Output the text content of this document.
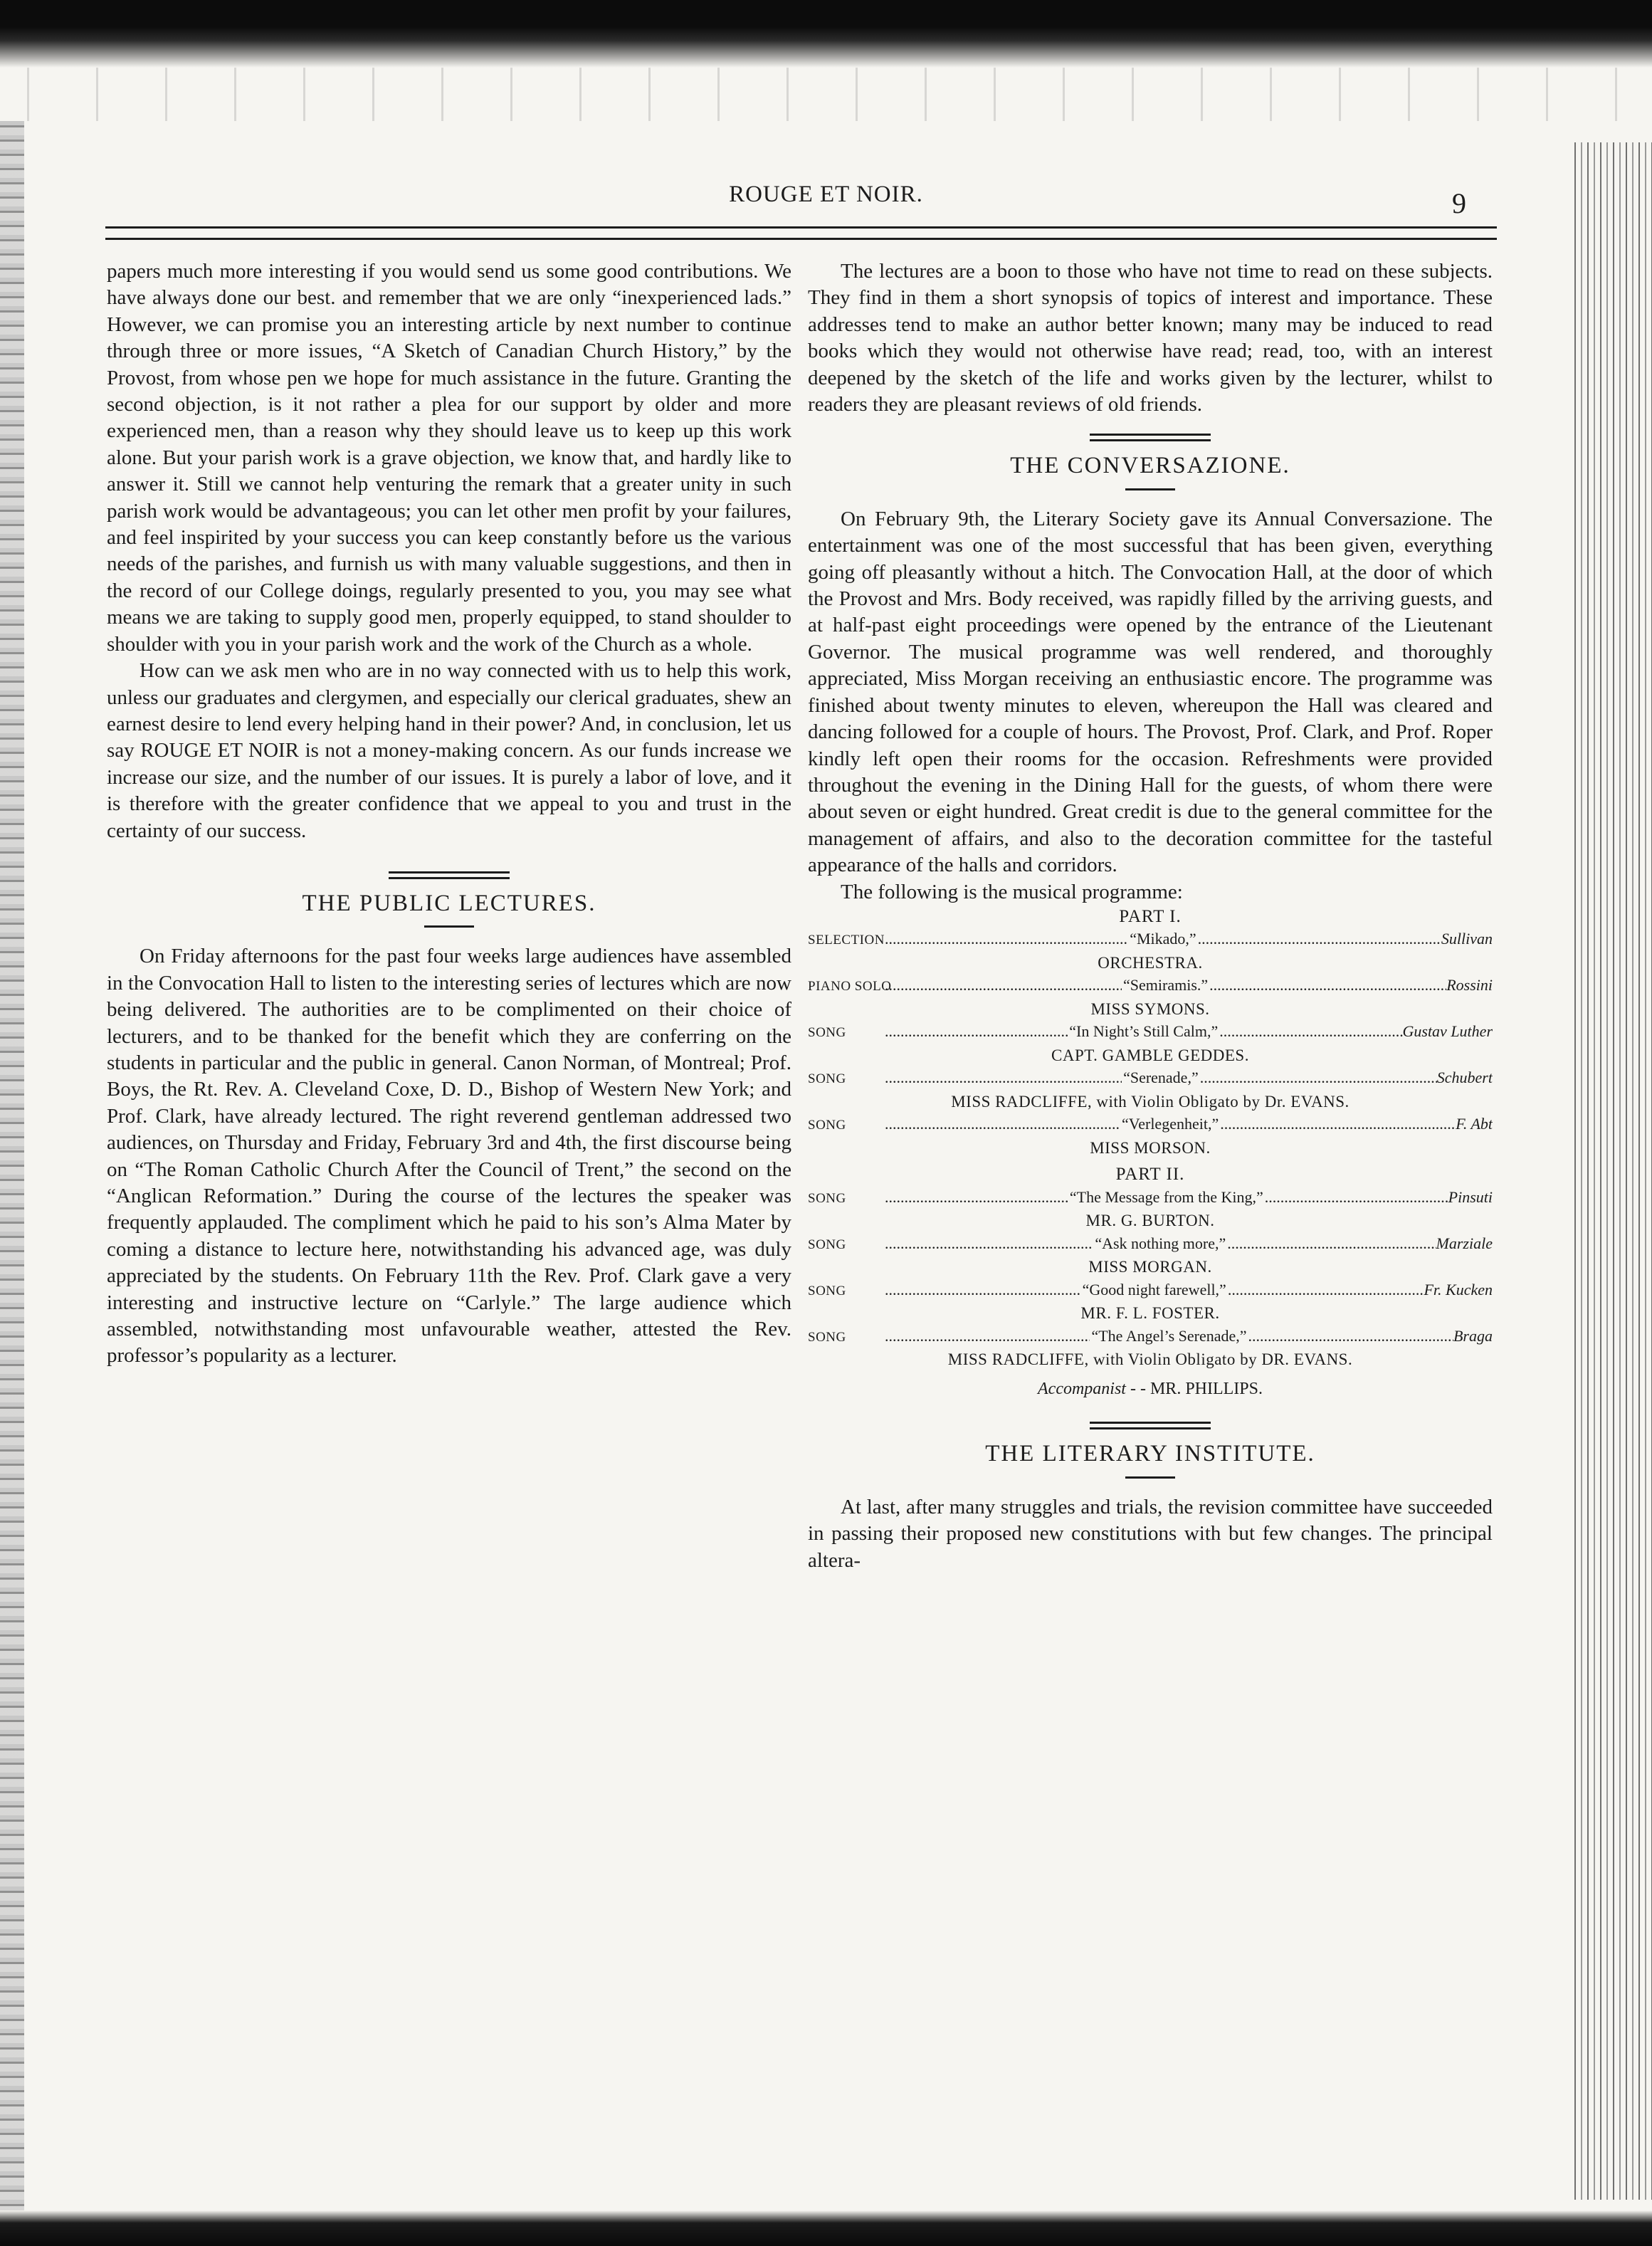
ROUGE ET NOIR.	9

papers much more interesting if you would send us some good contributions. We have always done our best. and remember that we are only “inexperienced lads.” However, we can promise you an interesting article by next number to continue through three or more issues, “A Sketch of Canadian Church History,” by the Provost, from whose pen we hope for much assistance in the future. Granting the second objection, is it not rather a plea for our support by older and more experienced men, than a reason why they should leave us to keep up this work alone. But your parish work is a grave objection, we know that, and hardly like to answer it. Still we cannot help venturing the remark that a greater unity in such parish work would be advantageous; you can let other men profit by your failures, and feel inspirited by your success you can keep constantly before us the various needs of the parishes, and furnish us with many valuable suggestions, and then in the record of our College doings, regularly presented to you, you may see what means we are taking to supply good men, properly equipped, to stand shoulder to shoulder with you in your parish work and the work of the Church as a whole.

How can we ask men who are in no way connected with us to help this work, unless our graduates and clergymen, and especially our clerical graduates, shew an earnest desire to lend every helping hand in their power? And, in conclusion, let us say ROUGE ET NOIR is not a money-making concern. As our funds increase we increase our size, and the number of our issues. It is purely a labor of love, and it is therefore with the greater confidence that we appeal to you and trust in the certainty of our success.

THE PUBLIC LECTURES.

On Friday afternoons for the past four weeks large audiences have assembled in the Convocation Hall to listen to the interesting series of lectures which are now being delivered. The authorities are to be complimented on their choice of lecturers, and to be thanked for the benefit which they are conferring on the students in particular and the public in general. Canon Norman, of Montreal; Prof. Boys, the Rt. Rev. A. Cleveland Coxe, D. D., Bishop of Western New York; and Prof. Clark, have already lectured. The right reverend gentleman addressed two audiences, on Thursday and Friday, February 3rd and 4th, the first discourse being on “The Roman Catholic Church After the Council of Trent,” the second on the “Anglican Reformation.” During the course of the lectures the speaker was frequently applauded. The compliment which he paid to his son’s Alma Mater by coming a distance to lecture here, notwithstanding his advanced age, was duly appreciated by the students. On February 11th the Rev. Prof. Clark gave a very interesting and instructive lecture on “Carlyle.” The large audience which assembled, notwithstanding most unfavourable weather, attested the Rev. professor’s popularity as a lecturer.

The lectures are a boon to those who have not time to read on these subjects. They find in them a short synopsis of topics of interest and importance. These addresses tend to make an author better known; many may be induced to read books which they would not otherwise have read; read, too, with an interest deepened by the sketch of the life and works given by the lecturer, whilst to readers they are pleasant reviews of old friends.

THE CONVERSAZIONE.

On February 9th, the Literary Society gave its Annual Conversazione. The entertainment was one of the most successful that has been given, everything going off pleasantly without a hitch. The Convocation Hall, at the door of which the Provost and Mrs. Body received, was rapidly filled by the arriving guests, and at half-past eight proceedings were opened by the entrance of the Lieutenant Governor. The musical programme was well rendered, and thoroughly appreciated, Miss Morgan receiving an enthusiastic encore. The programme was finished about twenty minutes to eleven, whereupon the Hall was cleared and dancing followed for a couple of hours. The Provost, Prof. Clark, and Prof. Roper kindly left open their rooms for the occasion. Refreshments were provided throughout the evening in the Dining Hall for the guests, of whom there were about seven or eight hundred. Great credit is due to the general committee for the management of affairs, and also to the decoration committee for the tasteful appearance of the halls and corridors.

The following is the musical programme:

PART I.
SELECTION .....	“Mikado,” .....	Sullivan
ORCHESTRA.
PIANO SOLO .....	“Semiramis.” .....	Rossini
MISS SYMONS.
SONG .....	“In Night’s Still Calm,” .....	Gustav Luther
CAPT. GAMBLE GEDDES.
SONG .....	“Serenade,” .....	Schubert
MISS RADCLIFFE, with Violin Obligato by Dr. EVANS.
SONG .....	“Verlegenheit,” .....	F. Abt
MISS MORSON.
PART II.
SONG .....	“The Message from the King,” .....	Pinsuti
MR. G. BURTON.
SONG .....	“Ask nothing more,” .....	Marziale
MISS MORGAN.
SONG .....	“Good night farewell,” .....	Fr. Kucken
MR. F. L. FOSTER.
SONG .....	“The Angel’s Serenade,” .....	Braga
MISS RADCLIFFE, with Violin Obligato by DR. EVANS.
Accompanist - - MR. PHILLIPS.

THE LITERARY INSTITUTE.

At last, after many struggles and trials, the revision committee have succeeded in passing their proposed new constitutions with but few changes. The principal altera-
